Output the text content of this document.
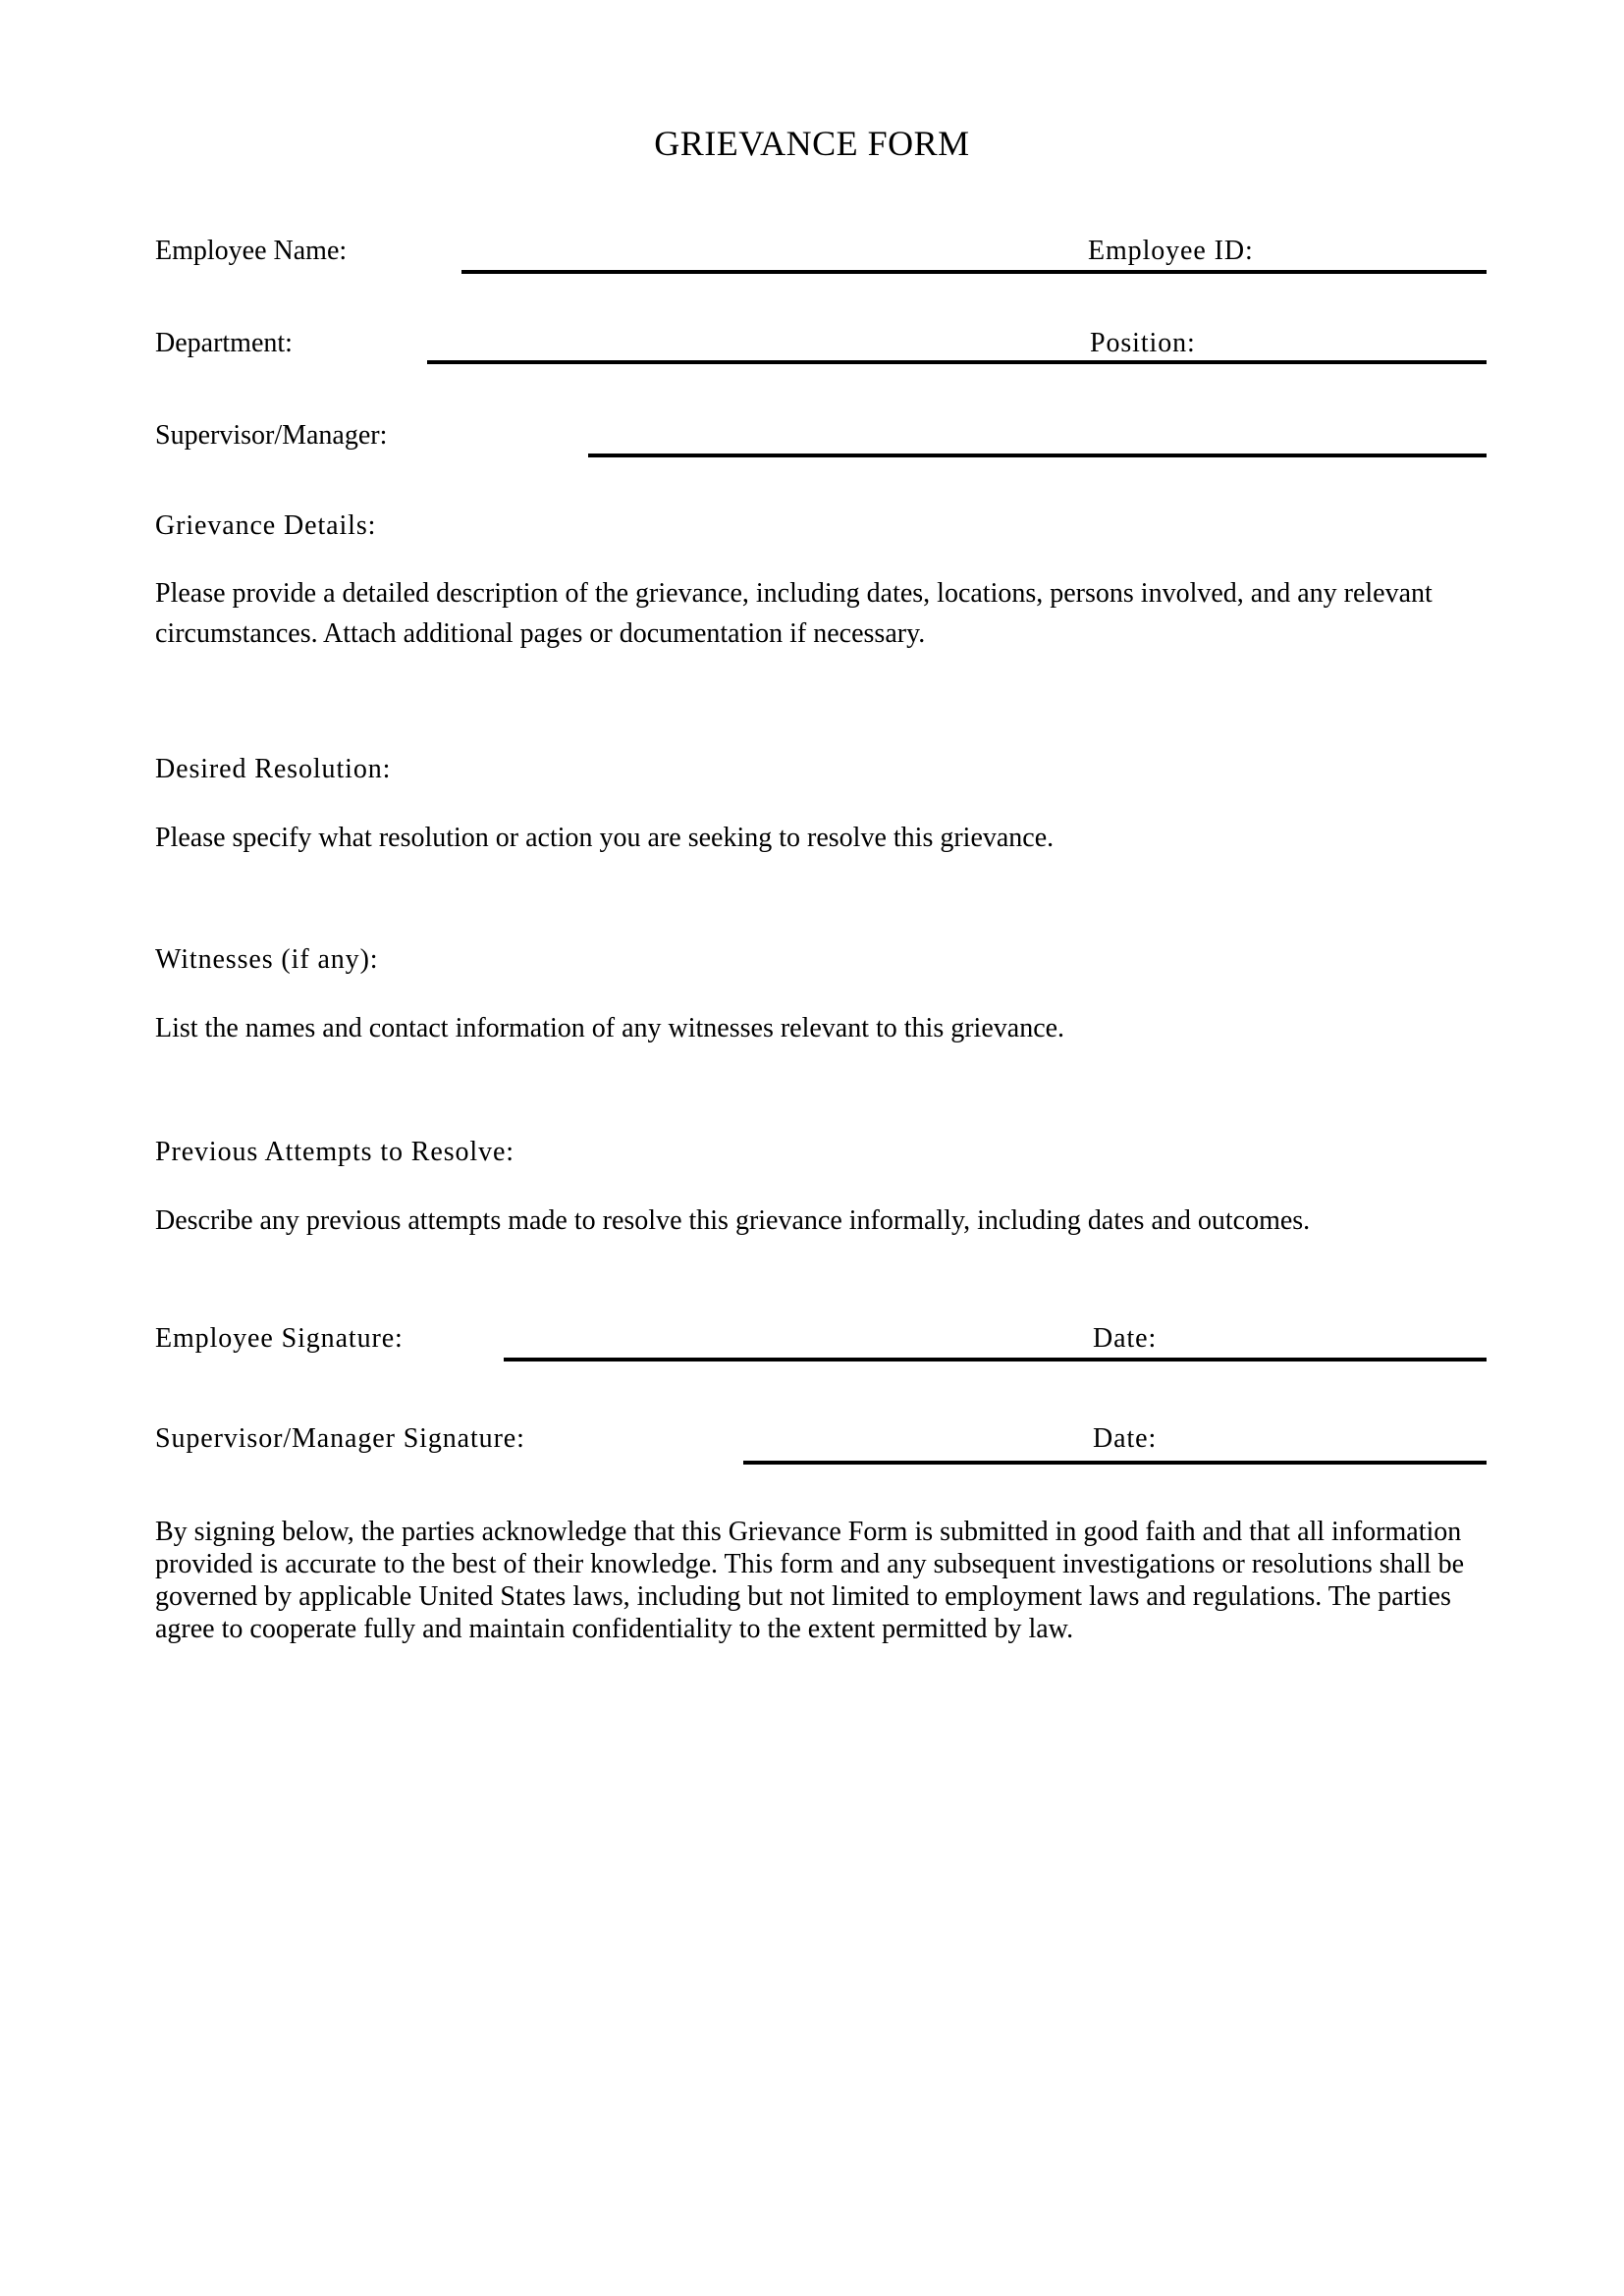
GRIEVANCE FORM
Employee Name:	Employee ID:
Department:	Position:
Supervisor/Manager:
Grievance Details:
Please provide a detailed description of the grievance, including dates, locations, persons involved, and any relevant
circumstances. Attach additional pages or documentation if necessary.
Desired Resolution:
Please specify what resolution or action you are seeking to resolve this grievance.
Witnesses (if any):
List the names and contact information of any witnesses relevant to this grievance.
Previous Attempts to Resolve:
Describe any previous attempts made to resolve this grievance informally, including dates and outcomes.
Employee Signature:	Date:
Supervisor/Manager Signature:	Date:
By signing below, the parties acknowledge that this Grievance Form is submitted in good faith and that all information
provided is accurate to the best of their knowledge. This form and any subsequent investigations or resolutions shall be
governed by applicable United States laws, including but not limited to employment laws and regulations. The parties
agree to cooperate fully and maintain confidentiality to the extent permitted by law.
